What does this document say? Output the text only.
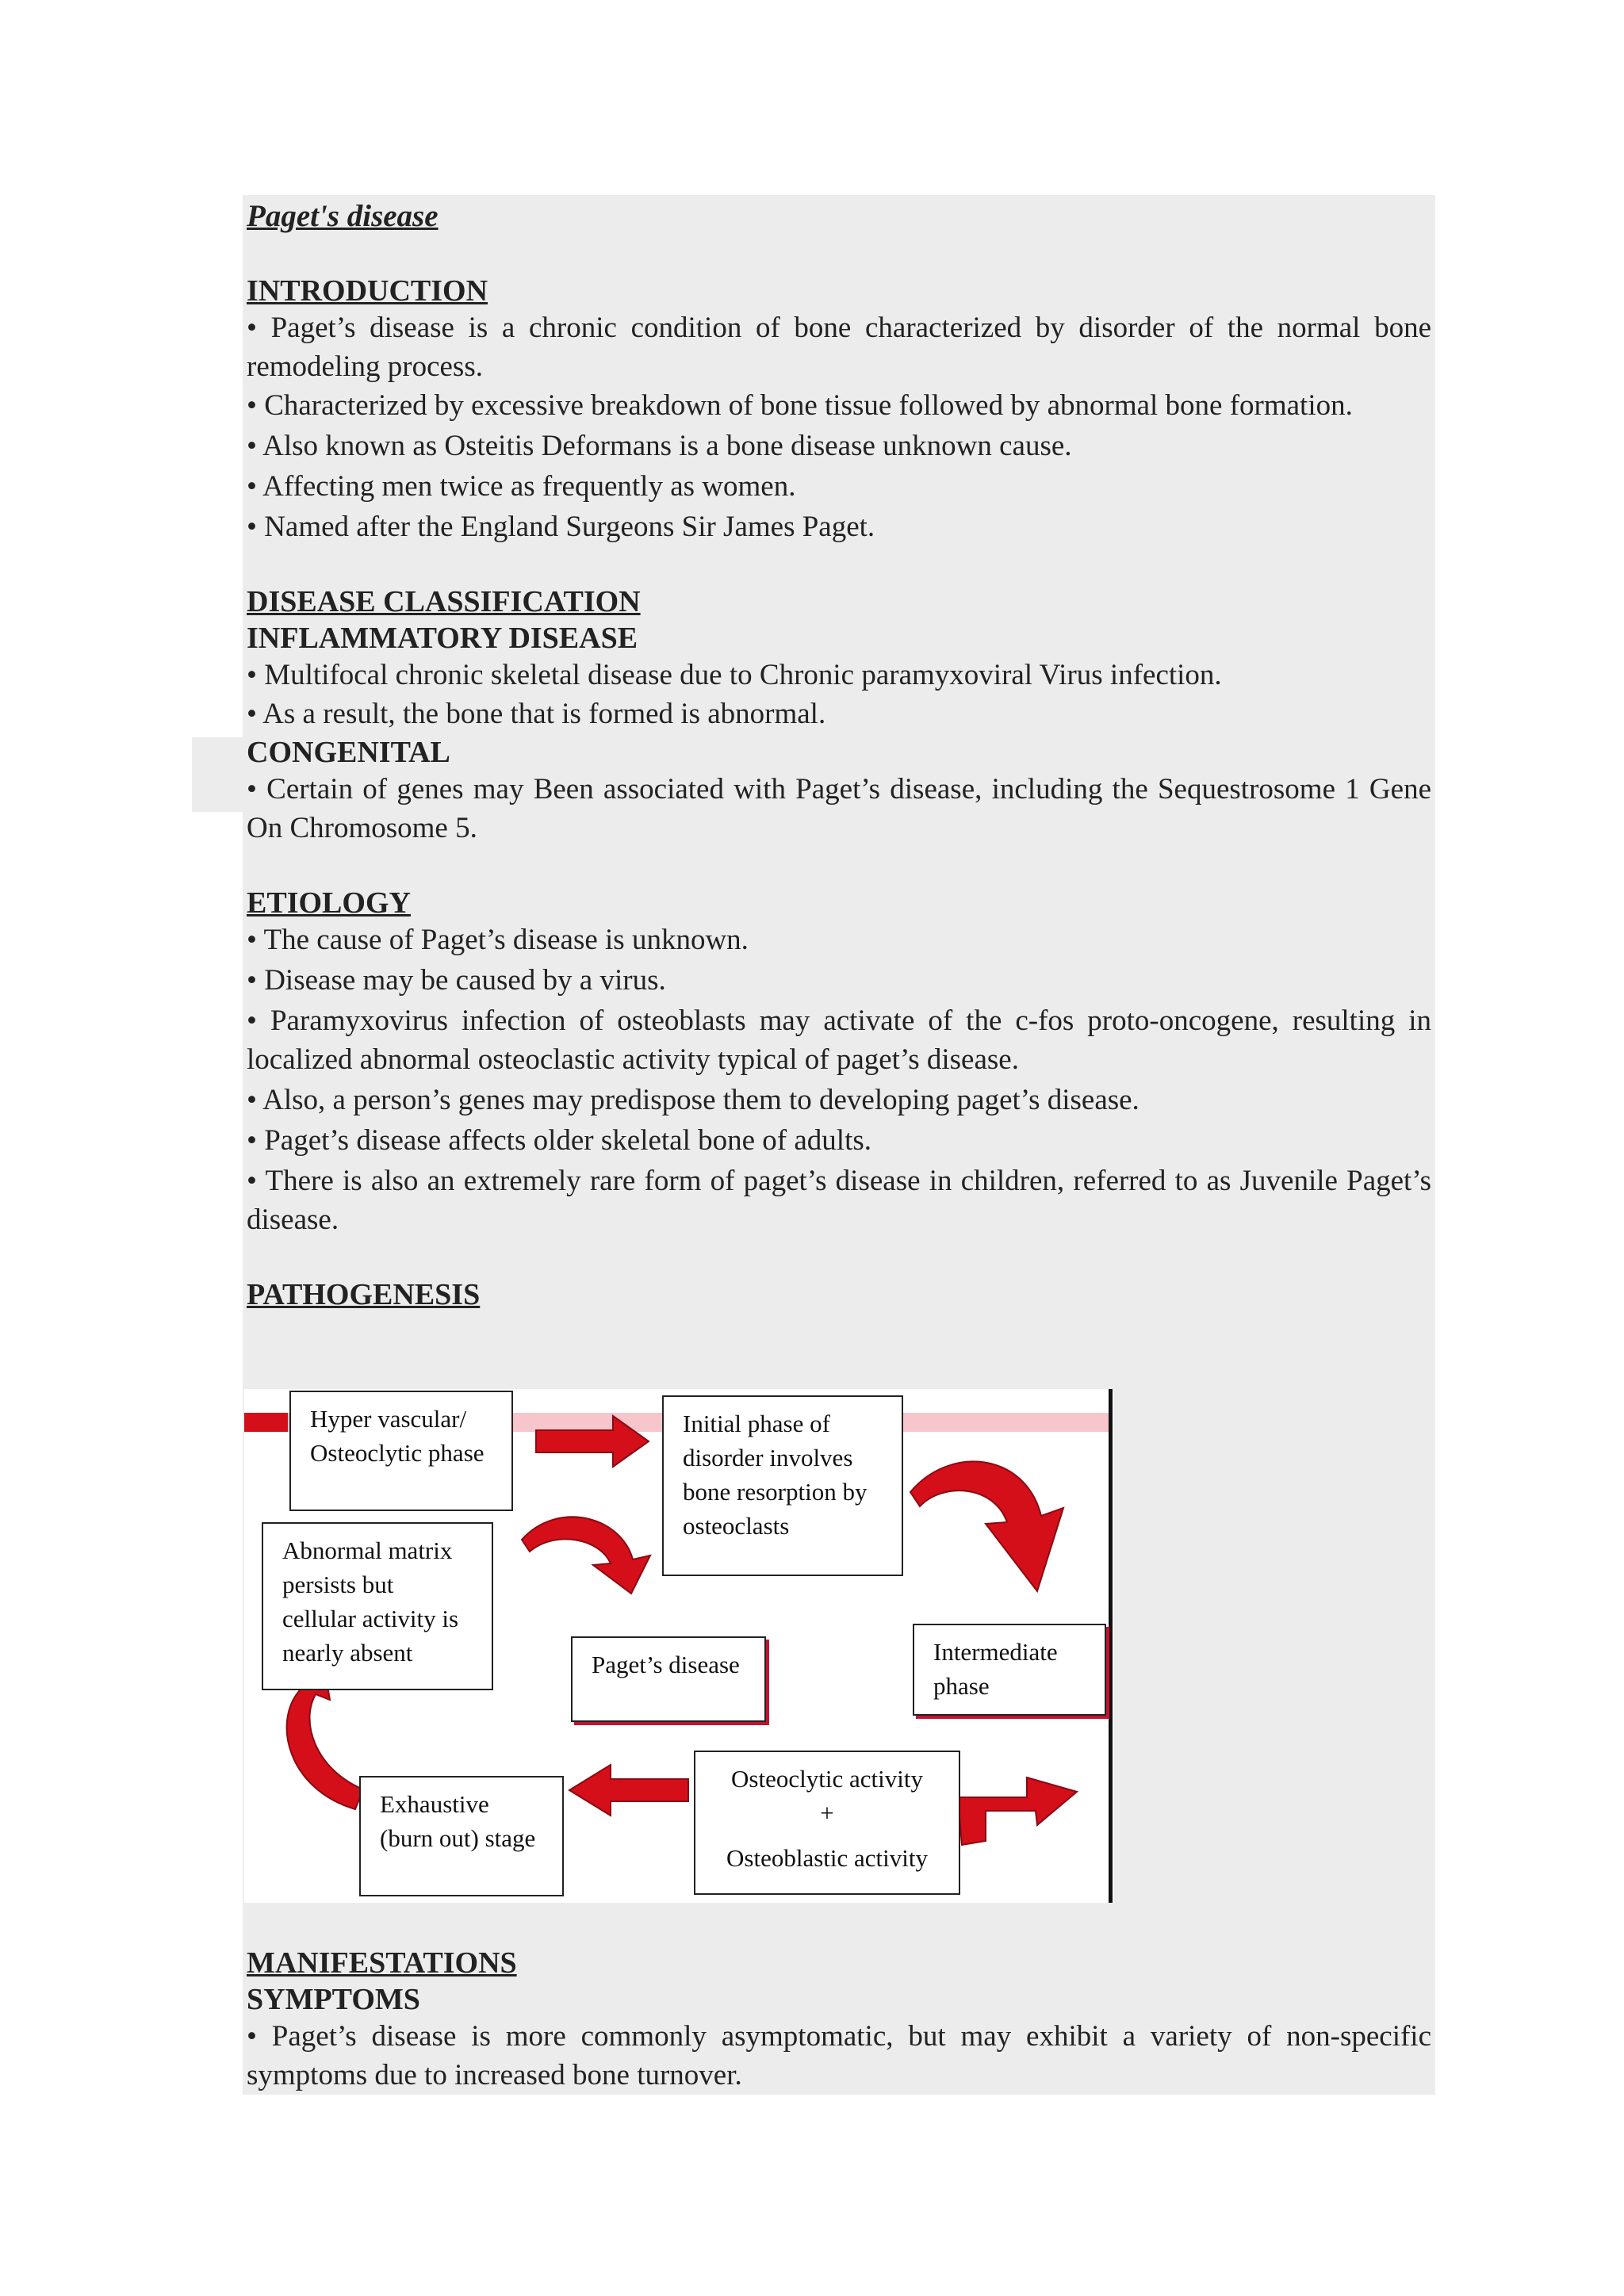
Paget's disease
INTRODUCTION

• Paget’s disease is a chronic condition of bone characterized by disorder of the normal bone remodeling process.

• Characterized by excessive breakdown of bone tissue followed by abnormal bone formation.

• Also known as Osteitis Deformans is a bone disease unknown cause.

• Affecting men twice as frequently as women.

• Named after the England Surgeons Sir James Paget.

DISEASE CLASSIFICATION
INFLAMMATORY DISEASE

• Multifocal chronic skeletal disease due to Chronic paramyxoviral Virus infection.

• As a result, the bone that is formed is abnormal.

CONGENITAL

• Certain of genes may Been associated with Paget’s disease, including the Sequestrosome 1 Gene On Chromosome 5.

ETIOLOGY

• The cause of Paget’s disease is unknown.

• Disease may be caused by a virus.

• Paramyxovirus infection of osteoblasts may activate of the c-fos proto-oncogene, resulting in localized abnormal osteoclastic activity typical of paget’s disease.

• Also, a person’s genes may predispose them to developing paget’s disease.

• Paget’s disease affects older skeletal bone of adults.

• There is also an extremely rare form of paget’s disease in children, referred to as Juvenile Paget’s disease.

PATHOGENESIS
Hyper vascular/ Osteoclytic phase
Initial phase of disorder involves bone resorption by osteoclasts
Abnormal matrix persists but cellular activity is nearly absent	Paget’s disease	Intermediate phase
Exhaustive (burn out) stage
Osteoclytic activity
+
Osteoblastic activity
MANIFESTATIONS
SYMPTOMS

• Paget’s disease is more commonly asymptomatic, but may exhibit a variety of non-specific symptoms due to increased bone turnover.
